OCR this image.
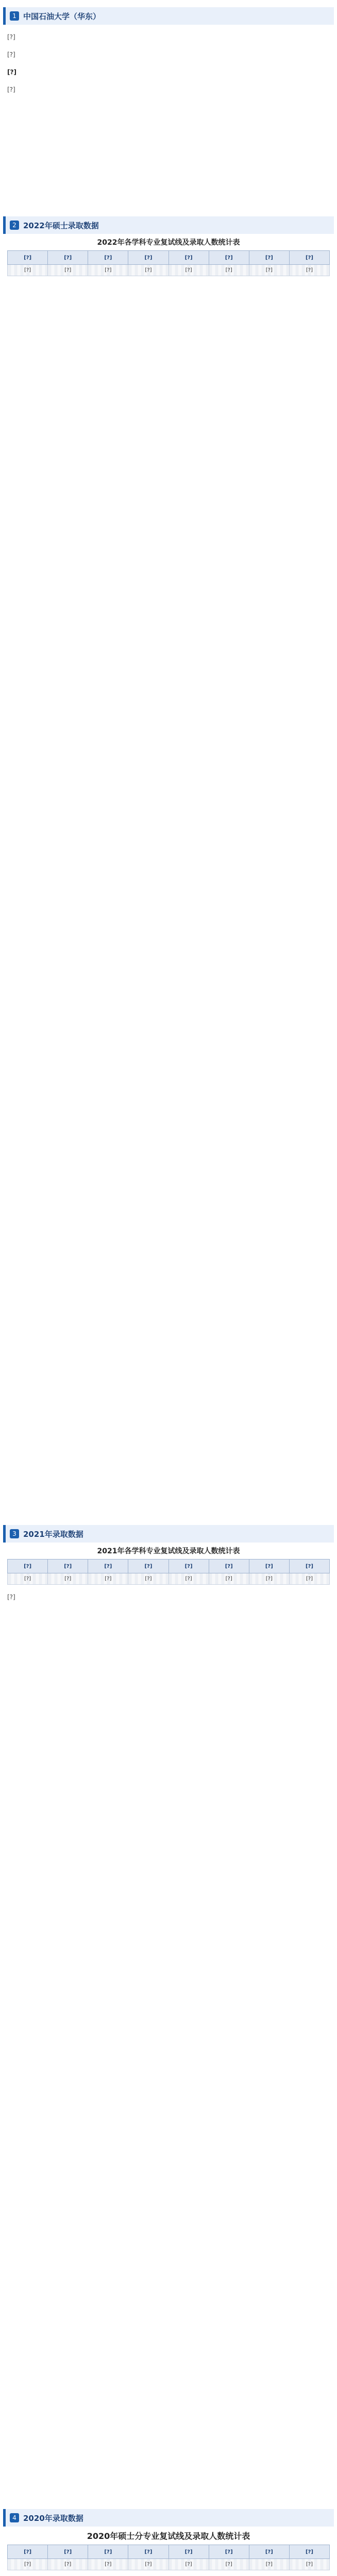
1 中国石油大学（华东）

[?]

[?]

[?]

[?]

2 2022年硕士录取数据
2022年各学科专业复试线及录取人数统计表
[?]	[?]	[?]	[?]	[?]	[?]	[?]	[?]
[?]	[?]	[?]	[?]	[?]	[?]	[?]	[?]
3 2021年录取数据
2021年各学科专业复试线及录取人数统计表
[?]	[?]	[?]	[?]	[?]	[?]	[?]	[?]
[?]	[?]	[?]	[?]	[?]	[?]	[?]	[?]

[?]

4 2020年录取数据
2020年硕士分专业复试线及录取人数统计表
[?]	[?]	[?]	[?]	[?]	[?]	[?]	[?]
[?]	[?]	[?]	[?]	[?]	[?]	[?]	[?]
